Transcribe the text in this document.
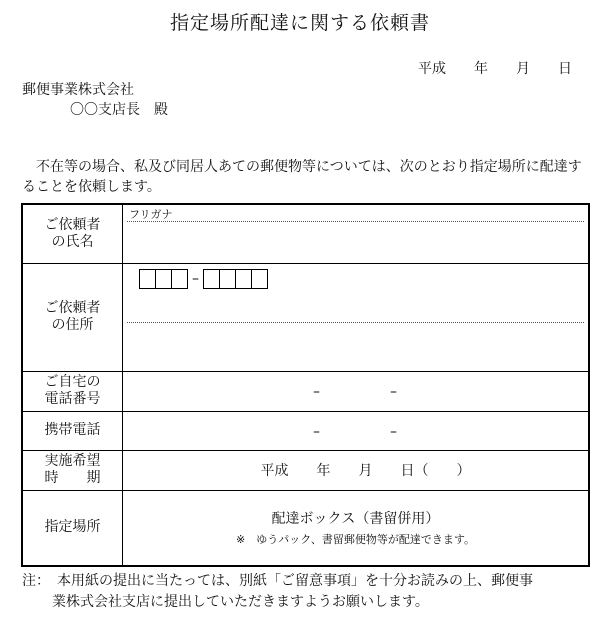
指定場所配達に関する依頼書
平成　　年　　月　　日
郵便事業株式会社
〇〇支店長　殿
不在等の場合、私及び同居人あての郵便物等については、次のとおり指定場所に配達することを依頼します。
ご依頼者
の氏名	フリガナ

ご依頼者
の住所	–

ご自宅の
電話番号	–　　　　　–

携帯電話	–　　　　　–

実施希望
時　　期	平成　　年　　月　　日（　　）

指定場所	配達ボックス（書留併用）
※　ゆうパック、書留郵便物等が配達できます。
注：　本用紙の提出に当たっては、別紙「ご留意事項」を十分お読みの上、郵便事
業株式会社支店に提出していただきますようお願いします。
